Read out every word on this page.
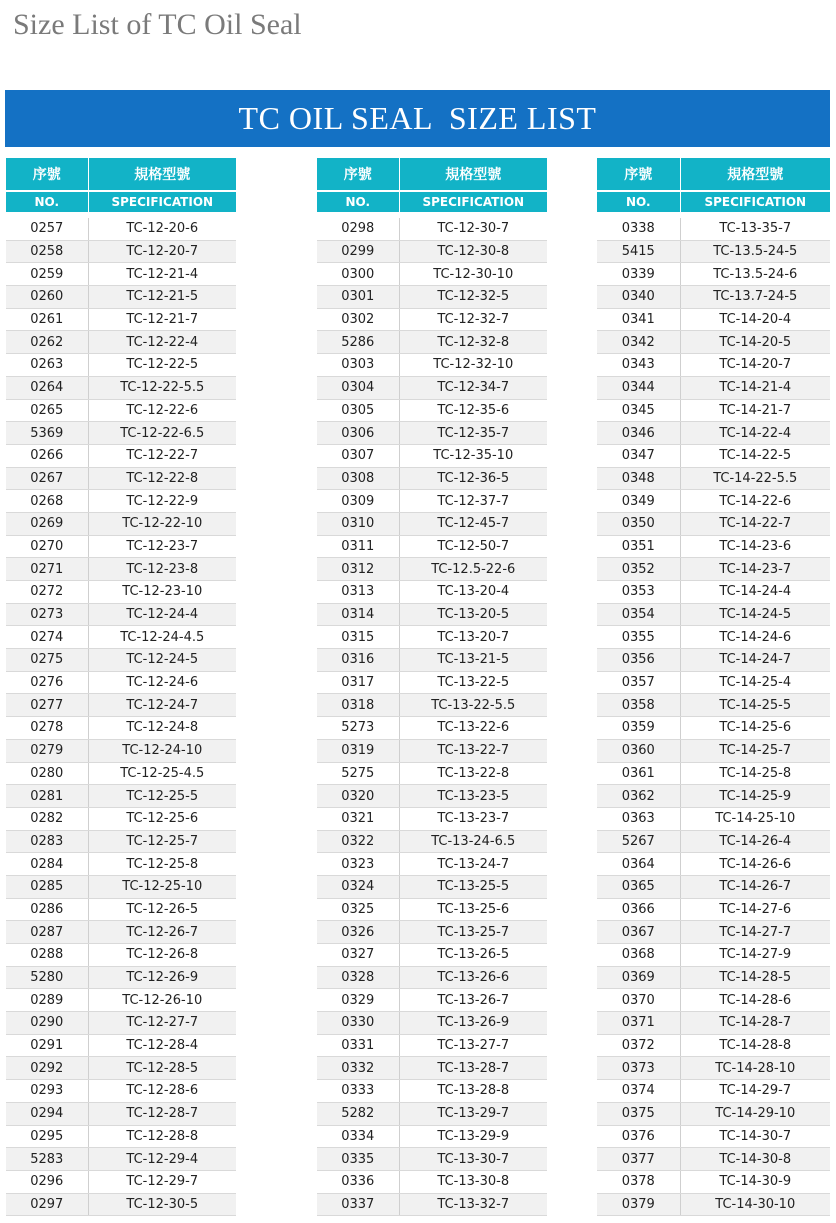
Size List of TC Oil Seal
TC OIL SEAL  SIZE LIST
序號	規格型號
NO.	SPECIFICATION
0257	TC-12-20-6
0258	TC-12-20-7
0259	TC-12-21-4
0260	TC-12-21-5
0261	TC-12-21-7
0262	TC-12-22-4
0263	TC-12-22-5
0264	TC-12-22-5.5
0265	TC-12-22-6
5369	TC-12-22-6.5
0266	TC-12-22-7
0267	TC-12-22-8
0268	TC-12-22-9
0269	TC-12-22-10
0270	TC-12-23-7
0271	TC-12-23-8
0272	TC-12-23-10
0273	TC-12-24-4
0274	TC-12-24-4.5
0275	TC-12-24-5
0276	TC-12-24-6
0277	TC-12-24-7
0278	TC-12-24-8
0279	TC-12-24-10
0280	TC-12-25-4.5
0281	TC-12-25-5
0282	TC-12-25-6
0283	TC-12-25-7
0284	TC-12-25-8
0285	TC-12-25-10
0286	TC-12-26-5
0287	TC-12-26-7
0288	TC-12-26-8
5280	TC-12-26-9
0289	TC-12-26-10
0290	TC-12-27-7
0291	TC-12-28-4
0292	TC-12-28-5
0293	TC-12-28-6
0294	TC-12-28-7
0295	TC-12-28-8
5283	TC-12-29-4
0296	TC-12-29-7
0297	TC-12-30-5
序號	規格型號
NO.	SPECIFICATION
0298	TC-12-30-7
0299	TC-12-30-8
0300	TC-12-30-10
0301	TC-12-32-5
0302	TC-12-32-7
5286	TC-12-32-8
0303	TC-12-32-10
0304	TC-12-34-7
0305	TC-12-35-6
0306	TC-12-35-7
0307	TC-12-35-10
0308	TC-12-36-5
0309	TC-12-37-7
0310	TC-12-45-7
0311	TC-12-50-7
0312	TC-12.5-22-6
0313	TC-13-20-4
0314	TC-13-20-5
0315	TC-13-20-7
0316	TC-13-21-5
0317	TC-13-22-5
0318	TC-13-22-5.5
5273	TC-13-22-6
0319	TC-13-22-7
5275	TC-13-22-8
0320	TC-13-23-5
0321	TC-13-23-7
0322	TC-13-24-6.5
0323	TC-13-24-7
0324	TC-13-25-5
0325	TC-13-25-6
0326	TC-13-25-7
0327	TC-13-26-5
0328	TC-13-26-6
0329	TC-13-26-7
0330	TC-13-26-9
0331	TC-13-27-7
0332	TC-13-28-7
0333	TC-13-28-8
5282	TC-13-29-7
0334	TC-13-29-9
0335	TC-13-30-7
0336	TC-13-30-8
0337	TC-13-32-7
序號	規格型號
NO.	SPECIFICATION
0338	TC-13-35-7
5415	TC-13.5-24-5
0339	TC-13.5-24-6
0340	TC-13.7-24-5
0341	TC-14-20-4
0342	TC-14-20-5
0343	TC-14-20-7
0344	TC-14-21-4
0345	TC-14-21-7
0346	TC-14-22-4
0347	TC-14-22-5
0348	TC-14-22-5.5
0349	TC-14-22-6
0350	TC-14-22-7
0351	TC-14-23-6
0352	TC-14-23-7
0353	TC-14-24-4
0354	TC-14-24-5
0355	TC-14-24-6
0356	TC-14-24-7
0357	TC-14-25-4
0358	TC-14-25-5
0359	TC-14-25-6
0360	TC-14-25-7
0361	TC-14-25-8
0362	TC-14-25-9
0363	TC-14-25-10
5267	TC-14-26-4
0364	TC-14-26-6
0365	TC-14-26-7
0366	TC-14-27-6
0367	TC-14-27-7
0368	TC-14-27-9
0369	TC-14-28-5
0370	TC-14-28-6
0371	TC-14-28-7
0372	TC-14-28-8
0373	TC-14-28-10
0374	TC-14-29-7
0375	TC-14-29-10
0376	TC-14-30-7
0377	TC-14-30-8
0378	TC-14-30-9
0379	TC-14-30-10
